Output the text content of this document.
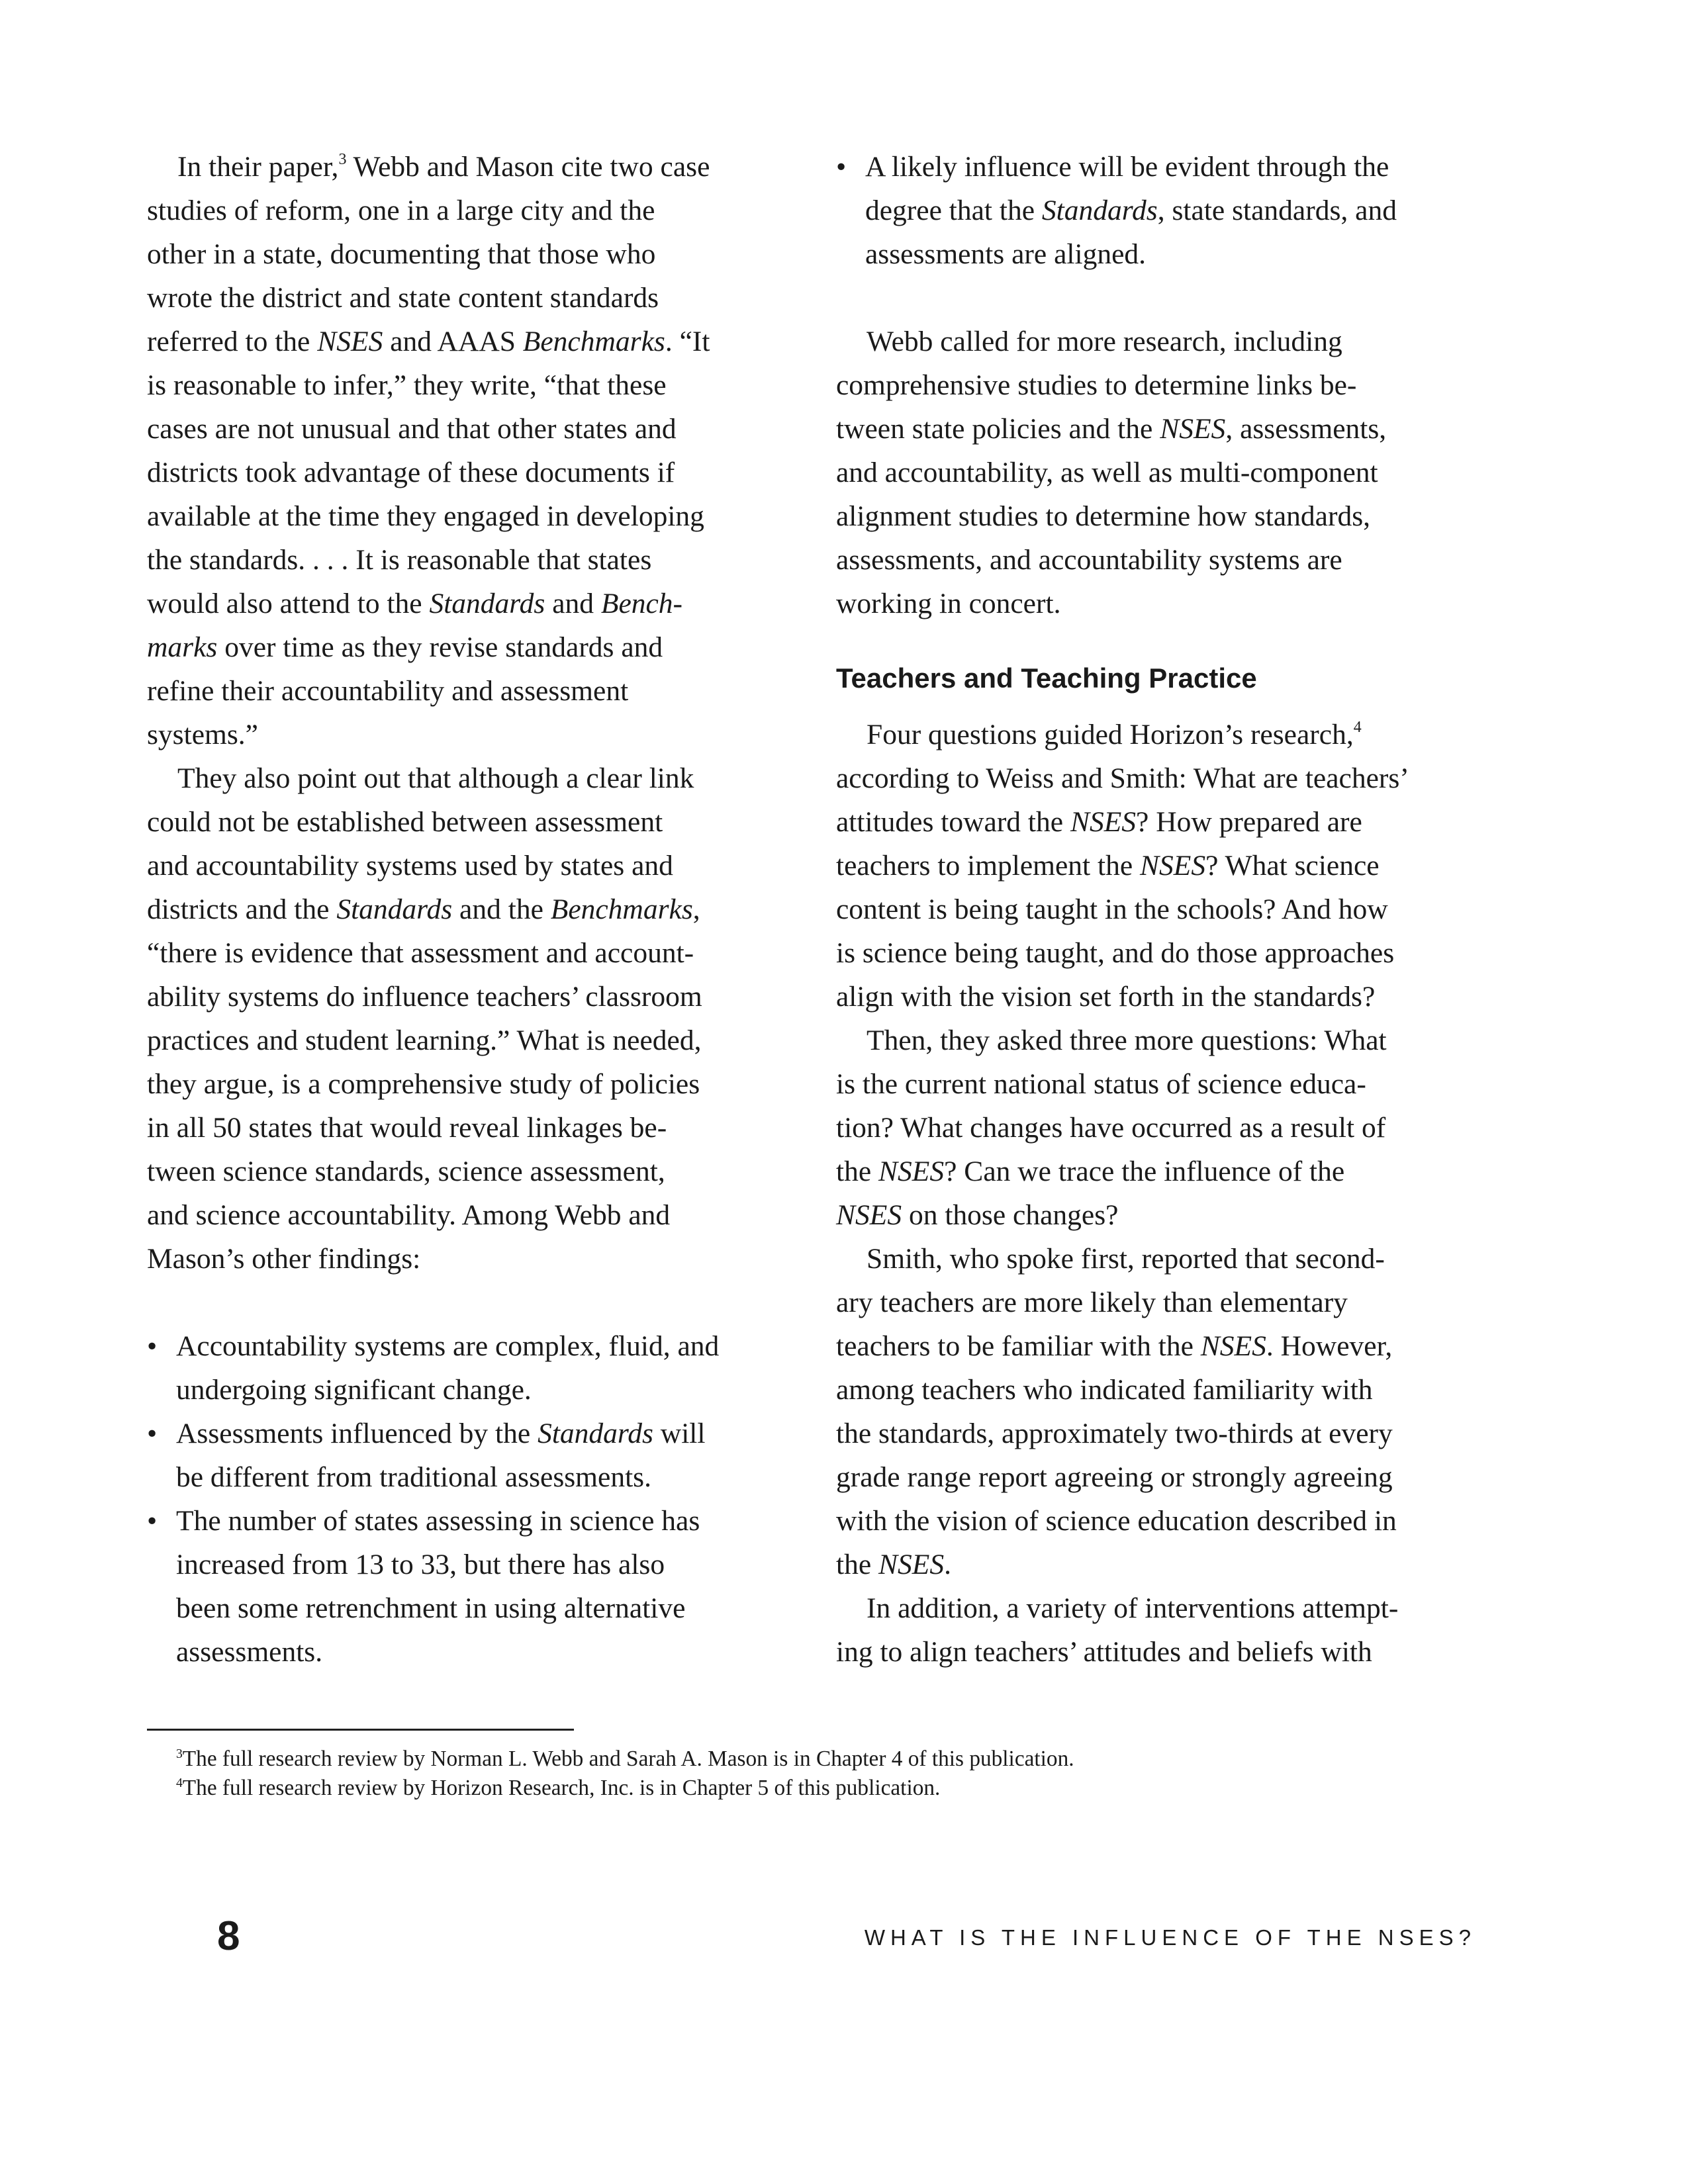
In their paper,$^3$ Webb and Mason cite two case
studies of reform, one in a large city and the
other in a state, documenting that those who
wrote the district and state content standards
referred to the NSES and AAAS Benchmarks. “It
is reasonable to infer,” they write, “that these
cases are not unusual and that other states and
districts took advantage of these documents if
available at the time they engaged in developing
the standards. . . . It is reasonable that states
would also attend to the Standards and Bench-
marks over time as they revise standards and
refine their accountability and assessment
systems.”
They also point out that although a clear link
could not be established between assessment
and accountability systems used by states and
districts and the Standards and the Benchmarks,
“there is evidence that assessment and account-
ability systems do influence teachers’ classroom
practices and student learning.” What is needed,
they argue, is a comprehensive study of policies
in all 50 states that would reveal linkages be-
tween science standards, science assessment,
and science accountability. Among Webb and
Mason’s other findings:
• Accountability systems are complex, fluid, and
undergoing significant change.
• Assessments influenced by the Standards will
be different from traditional assessments.
• The number of states assessing in science has
increased from 13 to 33, but there has also
been some retrenchment in using alternative
assessments.
• A likely influence will be evident through the
degree that the Standards, state standards, and
assessments are aligned.
Webb called for more research, including
comprehensive studies to determine links be-
tween state policies and the NSES, assessments,
and accountability, as well as multi-component
alignment studies to determine how standards,
assessments, and accountability systems are
working in concert.
Teachers and Teaching Practice
Four questions guided Horizon’s research,$^4$
according to Weiss and Smith: What are teachers’
attitudes toward the NSES? How prepared are
teachers to implement the NSES? What science
content is being taught in the schools? And how
is science being taught, and do those approaches
align with the vision set forth in the standards?
Then, they asked three more questions: What
is the current national status of science educa-
tion? What changes have occurred as a result of
the NSES? Can we trace the influence of the
NSES on those changes?
Smith, who spoke first, reported that second-
ary teachers are more likely than elementary
teachers to be familiar with the NSES. However,
among teachers who indicated familiarity with
the standards, approximately two-thirds at every
grade range report agreeing or strongly agreeing
with the vision of science education described in
the NSES.
In addition, a variety of interventions attempt-
ing to align teachers’ attitudes and beliefs with
$^3$The full research review by Norman L. Webb and Sarah A. Mason is in Chapter 4 of this publication.
$^4$The full research review by Horizon Research, Inc. is in Chapter 5 of this publication.
8	WHAT IS THE INFLUENCE OF THE NSES?
